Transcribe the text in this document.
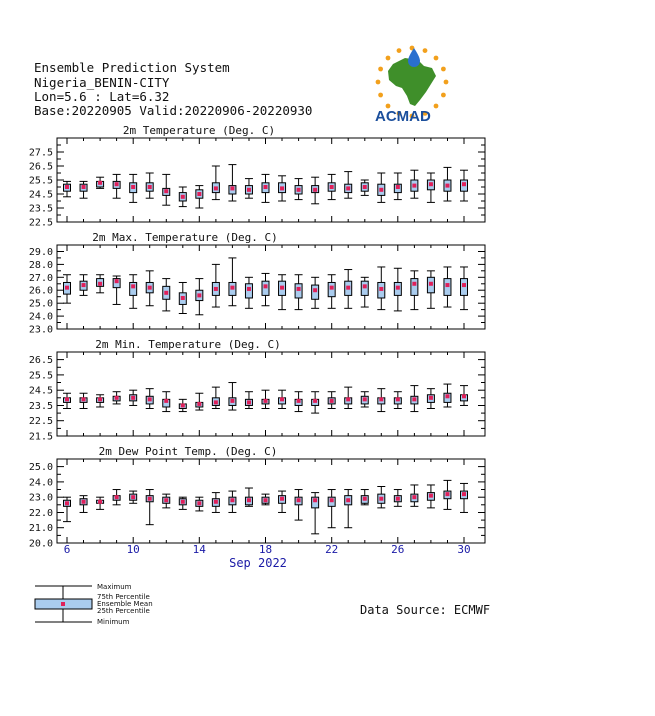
Ensemble Prediction System
Nigeria_BENIN-CITY
Lon=5.6 : Lat=6.32
Base:20220905 Valid:20220906-20220930	ACMAD
2m Temperature (Deg. C)
22.5
23.5
24.5
25.5
26.5
27.5
2m Max. Temperature (Deg. C)
23.0
24.0
25.0
26.0
27.0
28.0
29.0
2m Min. Temperature (Deg. C)
21.5
22.5
23.5
24.5
25.5
26.5
2m Dew Point Temp. (Deg. C)
20.0
21.0
22.0
23.0
24.0
25.0
6	10	14	18	22	26	30
Sep 2022
Maximum
75th Percentile
Ensemble Mean
25th Percentile
Minimum
Data Source: ECMWF
